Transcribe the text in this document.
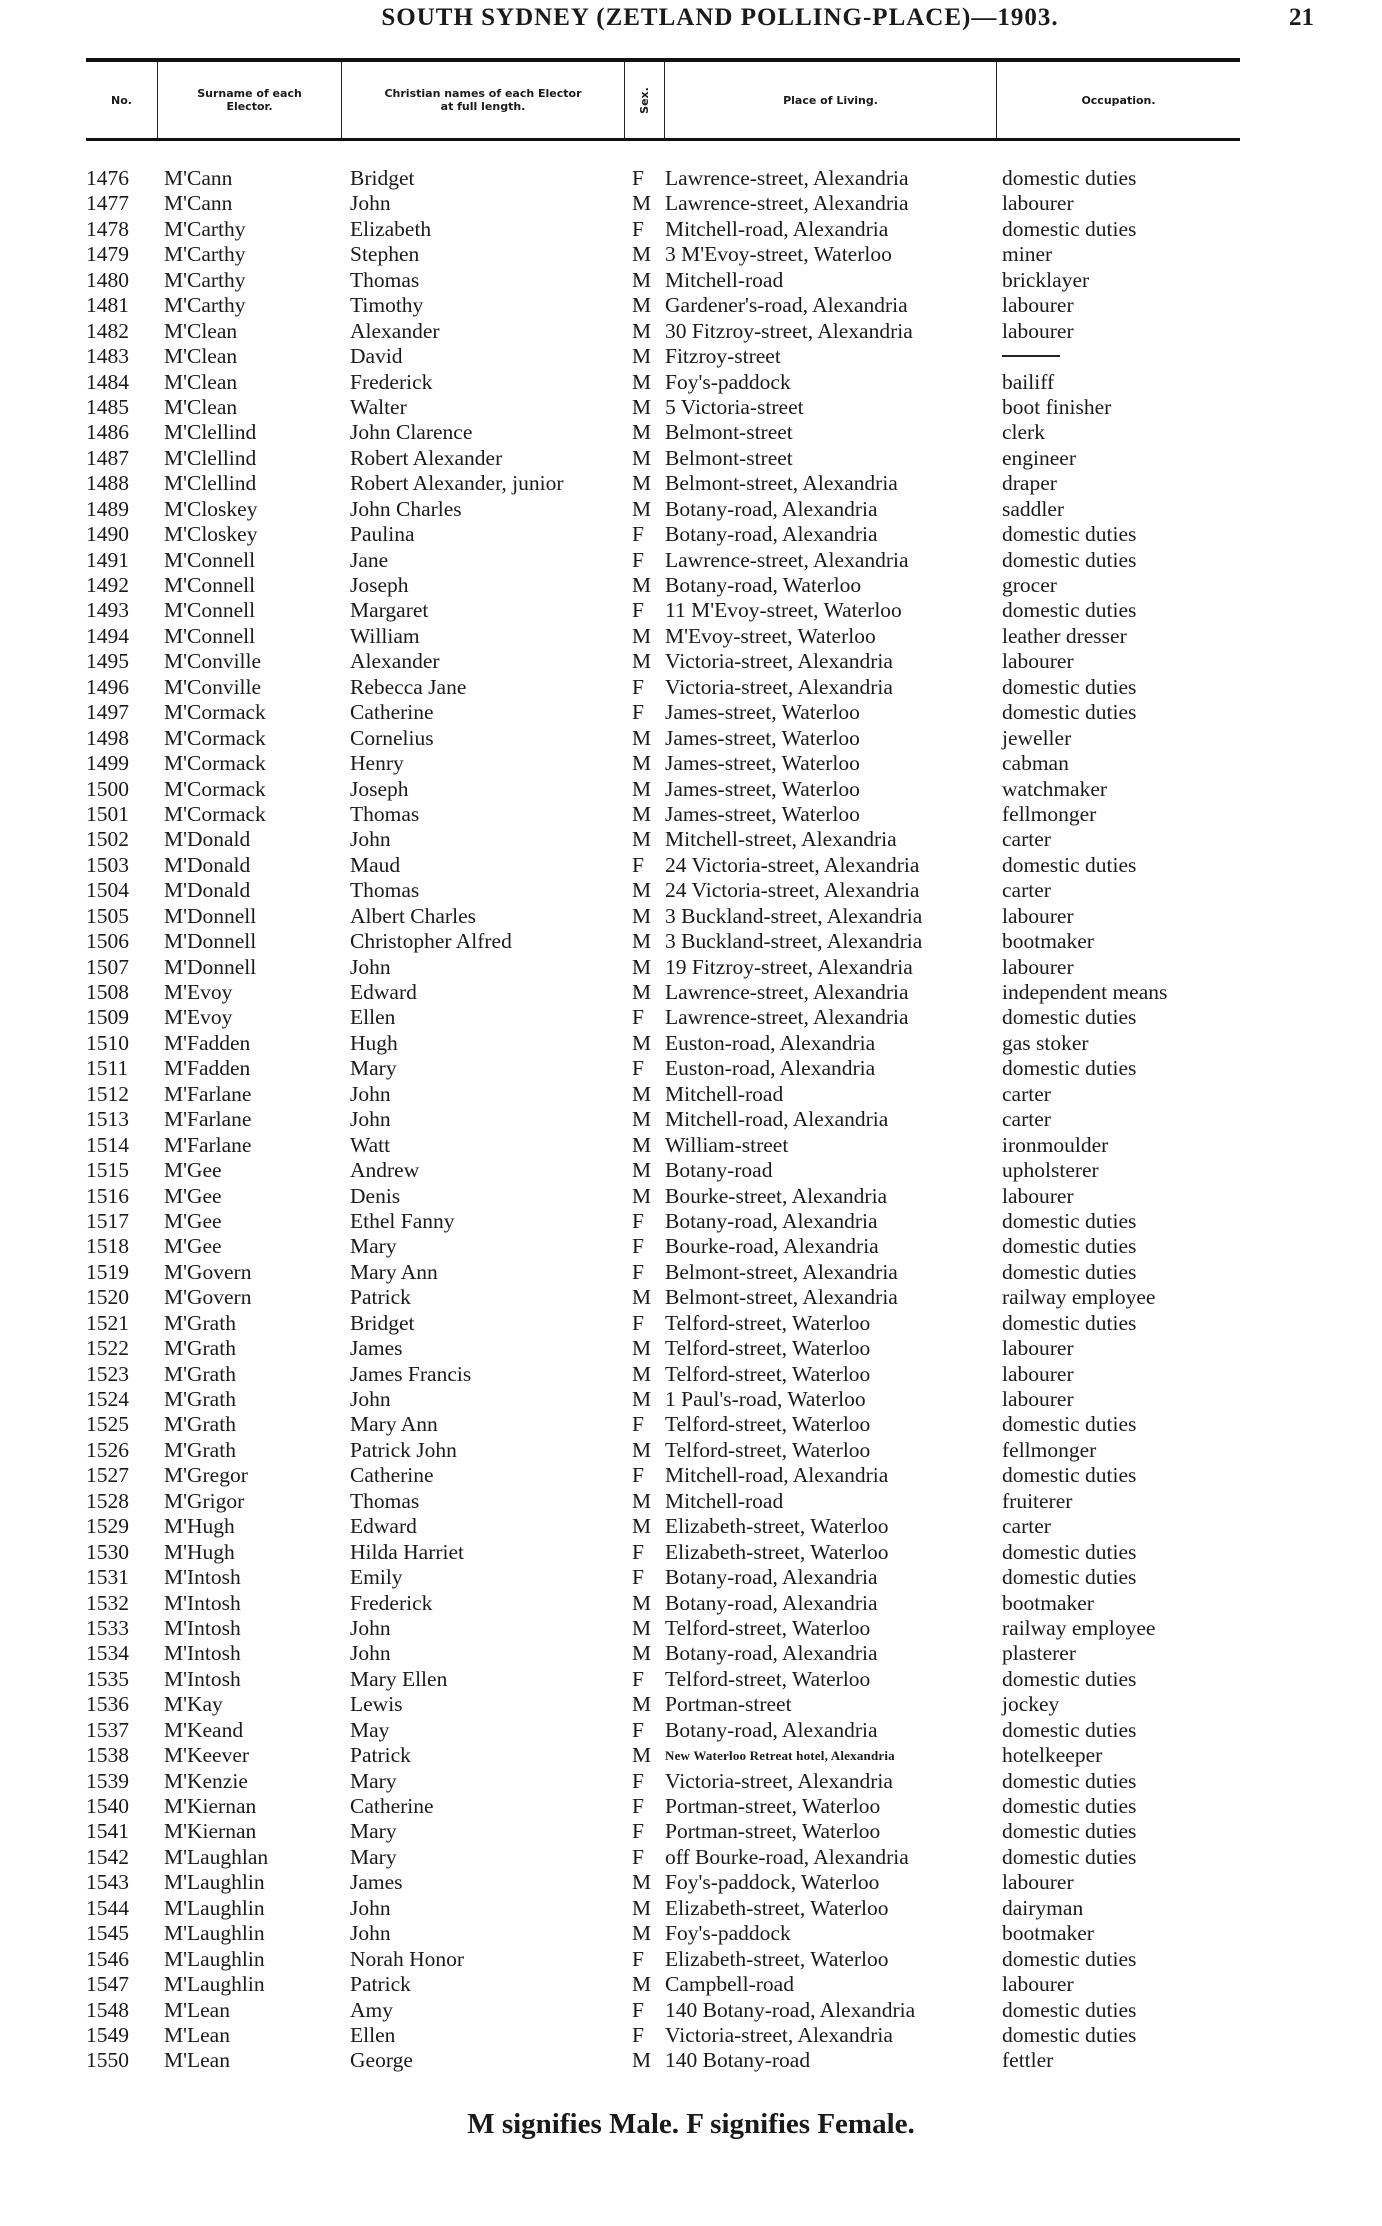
SOUTH SYDNEY (ZETLAND POLLING-PLACE)—1903.	21
No.	Surname of each
Elector.
Christian names of each Elector
at full length.	Sex.	Place of Living.	Occupation.
1476 M'Cann	Bridget	F Lawrence-street, Alexandria	domestic duties
1477 M'Cann	John	M Lawrence-street, Alexandria	labourer
1478 M'Carthy	Elizabeth	F Mitchell-road, Alexandria	domestic duties
1479 M'Carthy	Stephen	M 3 M'Evoy-street, Waterloo	miner
1480 M'Carthy	Thomas	M Mitchell-road	bricklayer
1481 M'Carthy	Timothy	M Gardener's-road, Alexandria	labourer
1482 M'Clean	Alexander	M 30 Fitzroy-street, Alexandria	labourer
1483 M'Clean	David	M Fitzroy-street
1484 M'Clean	Frederick	M Foy's-paddock	bailiff
1485 M'Clean	Walter	M 5 Victoria-street	boot finisher
1486 M'Clellind	John Clarence	M Belmont-street	clerk
1487 M'Clellind	Robert Alexander	M Belmont-street	engineer
1488 M'Clellind	Robert Alexander, junior	M Belmont-street, Alexandria	draper
1489 M'Closkey	John Charles	M Botany-road, Alexandria	saddler
1490 M'Closkey	Paulina	F Botany-road, Alexandria	domestic duties
1491 M'Connell	Jane	F Lawrence-street, Alexandria	domestic duties
1492 M'Connell	Joseph	M Botany-road, Waterloo	grocer
1493 M'Connell	Margaret	F 11 M'Evoy-street, Waterloo	domestic duties
1494 M'Connell	William	M M'Evoy-street, Waterloo	leather dresser
1495 M'Conville	Alexander	M Victoria-street, Alexandria	labourer
1496 M'Conville	Rebecca Jane	F Victoria-street, Alexandria	domestic duties
1497 M'Cormack	Catherine	F James-street, Waterloo	domestic duties
1498 M'Cormack	Cornelius	M James-street, Waterloo	jeweller
1499 M'Cormack	Henry	M James-street, Waterloo	cabman
1500 M'Cormack	Joseph	M James-street, Waterloo	watchmaker
1501 M'Cormack	Thomas	M James-street, Waterloo	fellmonger
1502 M'Donald	John	M Mitchell-street, Alexandria	carter
1503 M'Donald	Maud	F 24 Victoria-street, Alexandria	domestic duties
1504 M'Donald	Thomas	M 24 Victoria-street, Alexandria	carter
1505 M'Donnell	Albert Charles	M 3 Buckland-street, Alexandria	labourer
1506 M'Donnell	Christopher Alfred	M 3 Buckland-street, Alexandria	bootmaker
1507 M'Donnell	John	M 19 Fitzroy-street, Alexandria	labourer
1508 M'Evoy	Edward	M Lawrence-street, Alexandria	independent means
1509 M'Evoy	Ellen	F Lawrence-street, Alexandria	domestic duties
1510 M'Fadden	Hugh	M Euston-road, Alexandria	gas stoker
1511 M'Fadden	Mary	F Euston-road, Alexandria	domestic duties
1512 M'Farlane	John	M Mitchell-road	carter
1513 M'Farlane	John	M Mitchell-road, Alexandria	carter
1514 M'Farlane	Watt	M William-street	ironmoulder
1515 M'Gee	Andrew	M Botany-road	upholsterer
1516 M'Gee	Denis	M Bourke-street, Alexandria	labourer
1517 M'Gee	Ethel Fanny	F Botany-road, Alexandria	domestic duties
1518 M'Gee	Mary	F Bourke-road, Alexandria	domestic duties
1519 M'Govern	Mary Ann	F Belmont-street, Alexandria	domestic duties
1520 M'Govern	Patrick	M Belmont-street, Alexandria	railway employee
1521 M'Grath	Bridget	F Telford-street, Waterloo	domestic duties
1522 M'Grath	James	M Telford-street, Waterloo	labourer
1523 M'Grath	James Francis	M Telford-street, Waterloo	labourer
1524 M'Grath	John	M 1 Paul's-road, Waterloo	labourer
1525 M'Grath	Mary Ann	F Telford-street, Waterloo	domestic duties
1526 M'Grath	Patrick John	M Telford-street, Waterloo	fellmonger
1527 M'Gregor	Catherine	F Mitchell-road, Alexandria	domestic duties
1528 M'Grigor	Thomas	M Mitchell-road	fruiterer
1529 M'Hugh	Edward	M Elizabeth-street, Waterloo	carter
1530 M'Hugh	Hilda Harriet	F Elizabeth-street, Waterloo	domestic duties
1531 M'Intosh	Emily	F Botany-road, Alexandria	domestic duties
1532 M'Intosh	Frederick	M Botany-road, Alexandria	bootmaker
1533 M'Intosh	John	M Telford-street, Waterloo	railway employee
1534 M'Intosh	John	M Botany-road, Alexandria	plasterer
1535 M'Intosh	Mary Ellen	F Telford-street, Waterloo	domestic duties
1536 M'Kay	Lewis	M Portman-street	jockey
1537 M'Keand	May	F Botany-road, Alexandria	domestic duties
1538 M'Keever	Patrick	M New Waterloo Retreat hotel, Alexandria	hotelkeeper
1539 M'Kenzie	Mary	F Victoria-street, Alexandria	domestic duties
1540 M'Kiernan	Catherine	F Portman-street, Waterloo	domestic duties
1541 M'Kiernan	Mary	F Portman-street, Waterloo	domestic duties
1542 M'Laughlan	Mary	F off Bourke-road, Alexandria	domestic duties
1543 M'Laughlin	James	M Foy's-paddock, Waterloo	labourer
1544 M'Laughlin	John	M Elizabeth-street, Waterloo	dairyman
1545 M'Laughlin	John	M Foy's-paddock	bootmaker
1546 M'Laughlin	Norah Honor	F Elizabeth-street, Waterloo	domestic duties
1547 M'Laughlin	Patrick	M Campbell-road	labourer
1548 M'Lean	Amy	F 140 Botany-road, Alexandria	domestic duties
1549 M'Lean	Ellen	F Victoria-street, Alexandria	domestic duties
1550 M'Lean	George	M 140 Botany-road	fettler
M signifies Male. F signifies Female.
